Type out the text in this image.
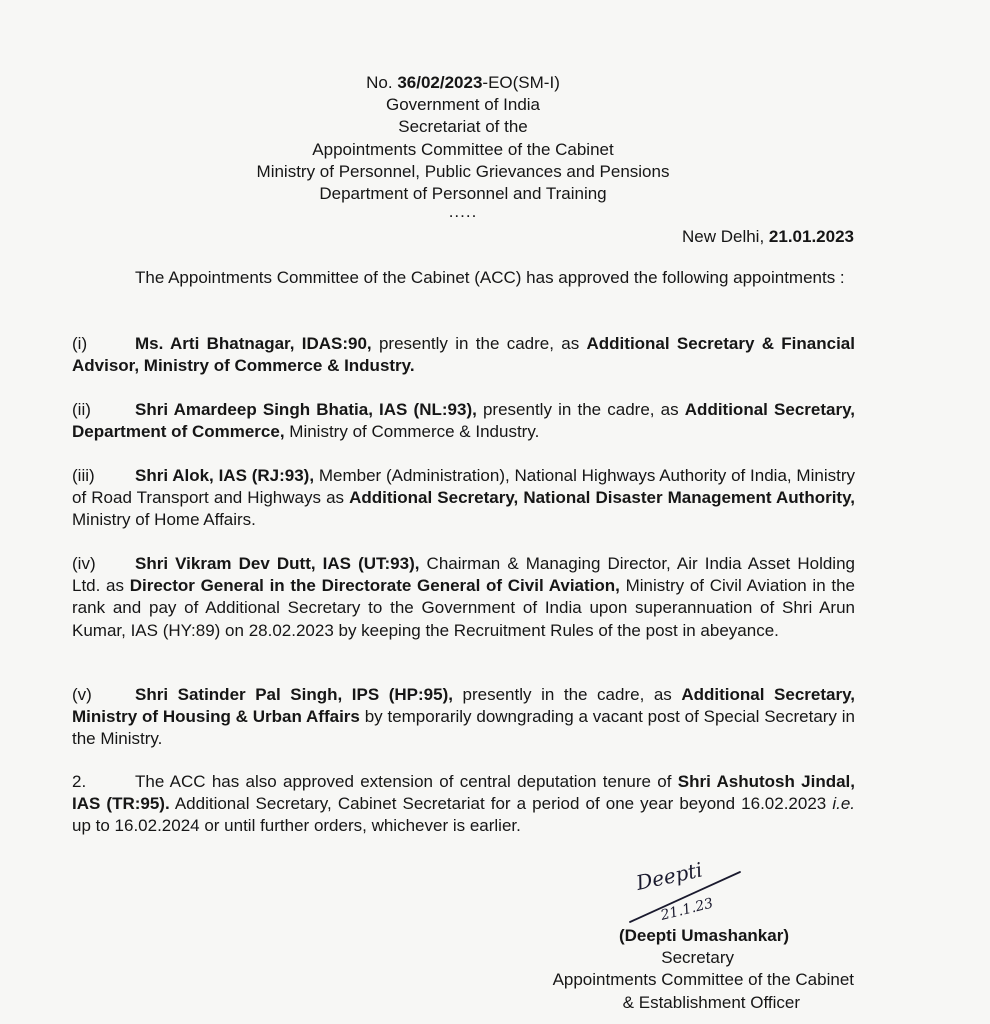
No. 36/02/2023-EO(SM-I)
Government of India
Secretariat of the
Appointments Committee of the Cabinet
Ministry of Personnel, Public Grievances and Pensions
Department of Personnel and Training
.....
New Delhi, 21.01.2023
The Appointments Committee of the Cabinet (ACC) has approved the following appointments :
(i)	Ms. Arti Bhatnagar, IDAS:90, presently in the cadre, as Additional Secretary & Financial Advisor, Ministry of Commerce & Industry.
(ii)	Shri Amardeep Singh Bhatia, IAS (NL:93), presently in the cadre, as Additional Secretary, Department of Commerce, Ministry of Commerce & Industry.
(iii) Shri Alok, IAS (RJ:93), Member (Administration), National Highways Authority of India, Ministry of Road Transport and Highways as Additional Secretary, National Disaster Management Authority, Ministry of Home Affairs.
(iv) Shri Vikram Dev Dutt, IAS (UT:93), Chairman & Managing Director, Air India Asset Holding Ltd. as Director General in the Directorate General of Civil Aviation, Ministry of Civil Aviation in the rank and pay of Additional Secretary to the Government of India upon superannuation of Shri Arun Kumar, IAS (HY:89) on 28.02.2023 by keeping the Recruitment Rules of the post in abeyance.
(v)	Shri Satinder Pal Singh, IPS (HP:95), presently in the cadre, as Additional Secretary, Ministry of Housing & Urban Affairs by temporarily downgrading a vacant post of Special Secretary in the Ministry.
2.	The ACC has also approved extension of central deputation tenure of Shri Ashutosh Jindal, IAS (TR:95). Additional Secretary, Cabinet Secretariat for a period of one year beyond 16.02.2023 i.e. up to 16.02.2024 or until further orders, whichever is earlier.
Deepti
21.1.23
(Deepti Umashankar)
Secretary
Appointments Committee of the Cabinet
& Establishment Officer
